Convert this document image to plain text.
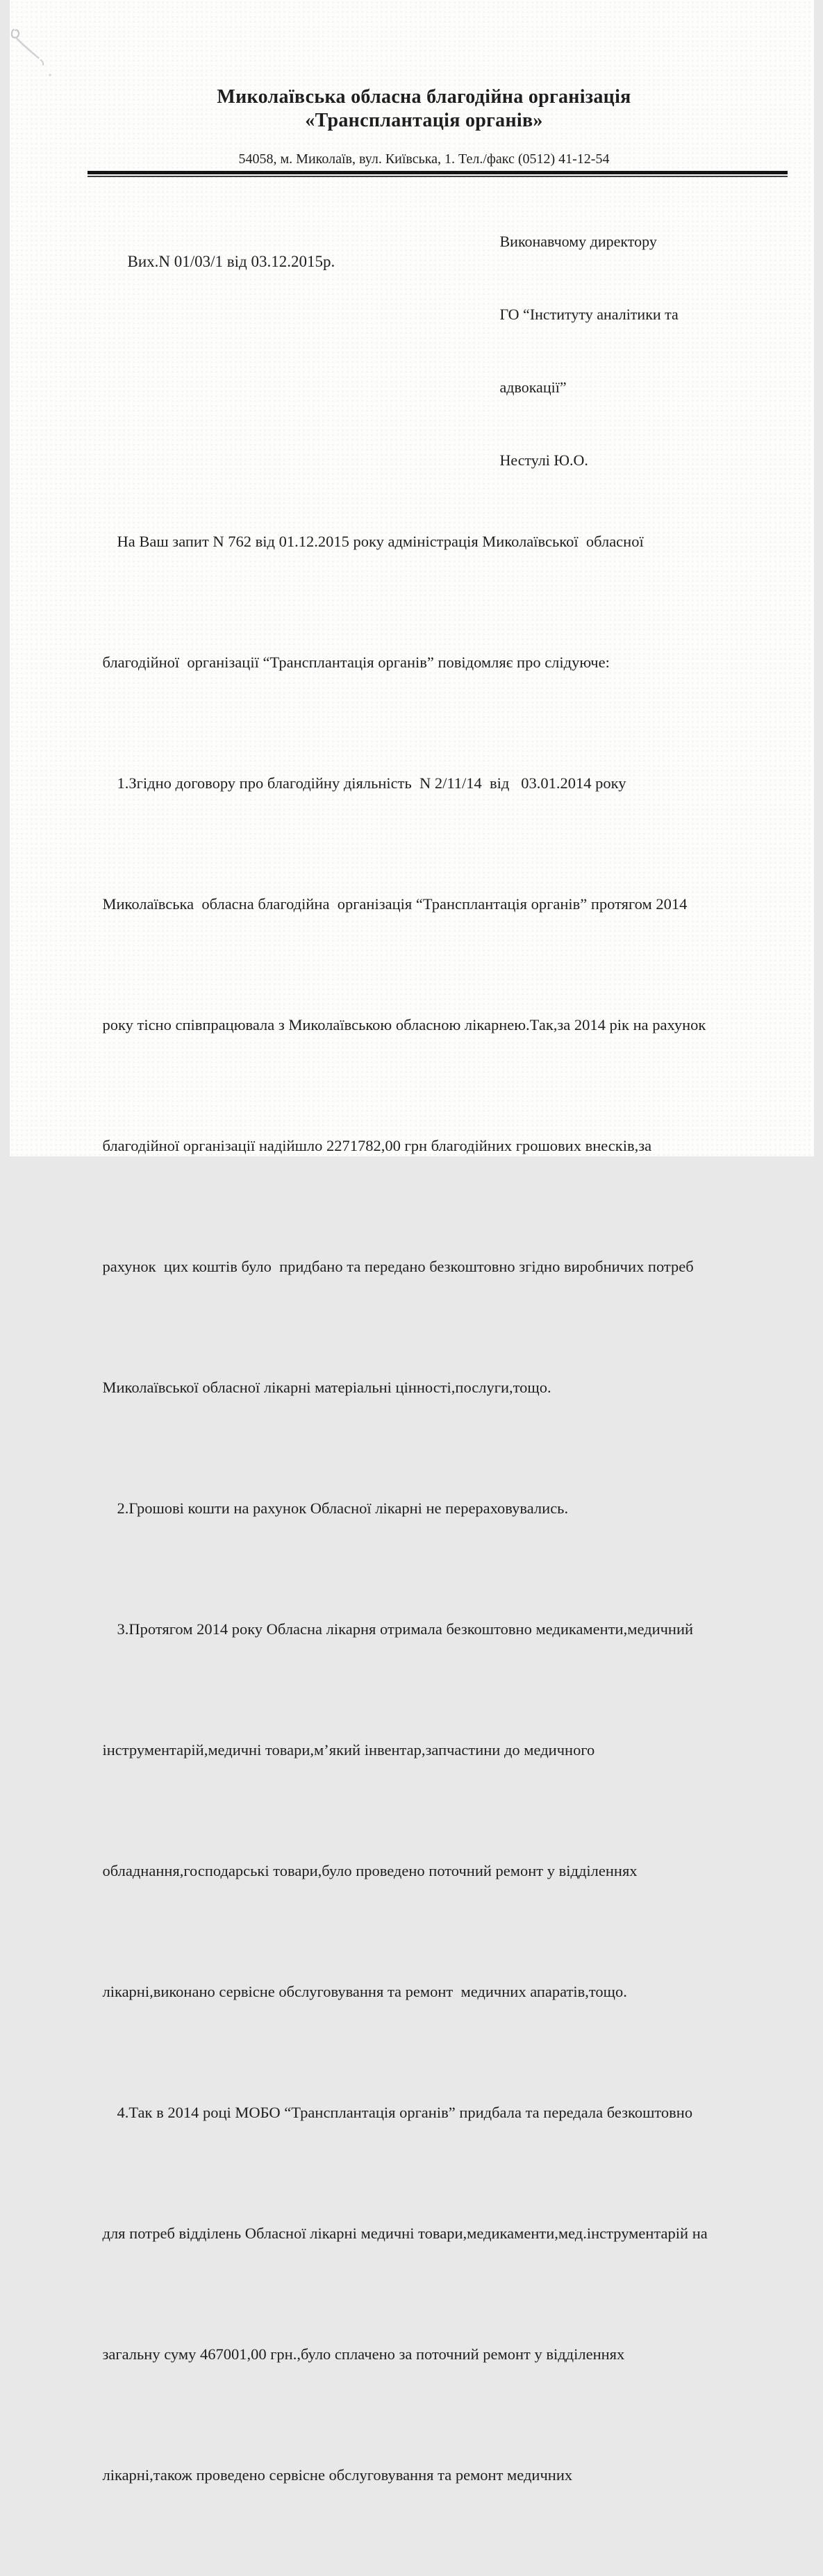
Миколаївська обласна благодійна організація
«Трансплантація органів»
54058, м. Миколаїв, вул. Київська, 1. Тел./факс (0512) 41-12-54

Виконавчому директору

ГО “Інституту аналітики та

адвокації”

Нестулі Ю.О.

Вих.N 01/03/1 від 03.12.2015р.

На Ваш запит N 762 від 01.12.2015 року адміністрація Миколаївської  обласної

благодійної  організації “Трансплантація органів” повідомляє про слідуюче:

1.Згідно договору про благодійну діяльність  N 2/11/14  від   03.01.2014 року

Миколаївська  обласна благодійна  організація “Трансплантація органів” протягом 2014

року тісно співпрацювала з Миколаївською обласною лікарнею.Так,за 2014 рік на рахунок

благодійної організації надійшло 2271782,00 грн благодійних грошових внесків,за

рахунок  цих коштів було  придбано та передано безкоштовно згідно виробничих потреб

Миколаївської обласної лікарні матеріальні цінності,послуги,тощо.

2.Грошові кошти на рахунок Обласної лікарні не перераховувались.

3.Протягом 2014 року Обласна лікарня отримала безкоштовно медикаменти,медичний

інструментарій,медичні товари,м’який інвентар,запчастини до медичного

обладнання,господарські товари,було проведено поточний ремонт у відділеннях

лікарні,виконано сервісне обслуговування та ремонт  медичних апаратів,тощо.

4.Так в 2014 році МОБО “Трансплантація органів” придбала та передала безкоштовно

для потреб відділень Обласної лікарні медичні товари,медикаменти,мед.інструментарій на

загальну суму 467001,00 грн.,було сплачено за поточний ремонт у відділеннях

лікарні,також проведено сервісне обслуговування та ремонт медичних
